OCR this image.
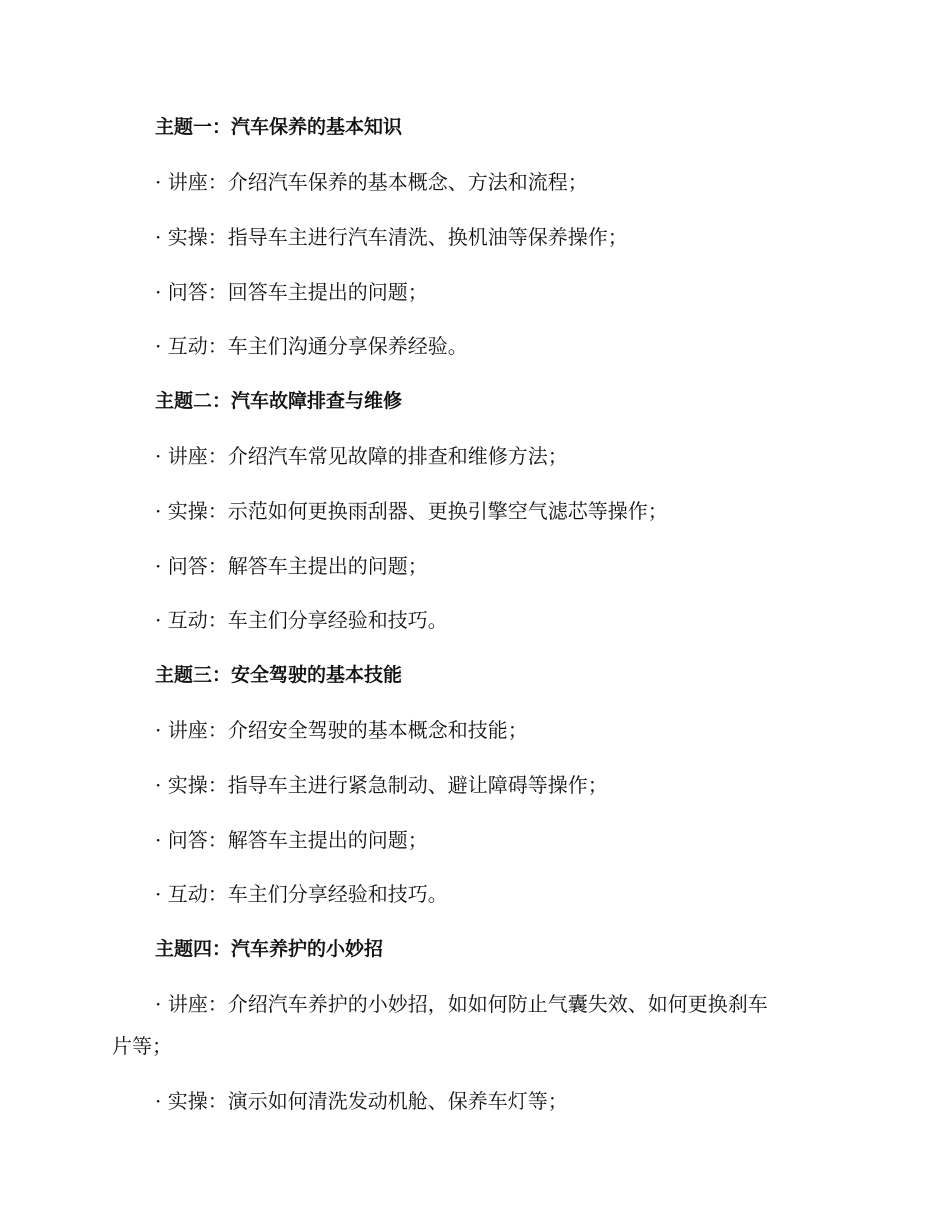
主题一：汽车保养的基本知识
· 讲座：介绍汽车保养的基本概念、方法和流程；
· 实操：指导车主进行汽车清洗、换机油等保养操作；
· 问答：回答车主提出的问题；
· 互动：车主们沟通分享保养经验。
主题二：汽车故障排查与维修
· 讲座：介绍汽车常见故障的排查和维修方法；
· 实操：示范如何更换雨刮器、更换引擎空气滤芯等操作；
· 问答：解答车主提出的问题；
· 互动：车主们分享经验和技巧。
主题三：安全驾驶的基本技能
· 讲座：介绍安全驾驶的基本概念和技能；
· 实操：指导车主进行紧急制动、避让障碍等操作；
· 问答：解答车主提出的问题；
· 互动：车主们分享经验和技巧。
主题四：汽车养护的小妙招
· 讲座：介绍汽车养护的小妙招，如如何防止气囊失效、如何更换刹车
片等；
· 实操：演示如何清洗发动机舱、保养车灯等；
